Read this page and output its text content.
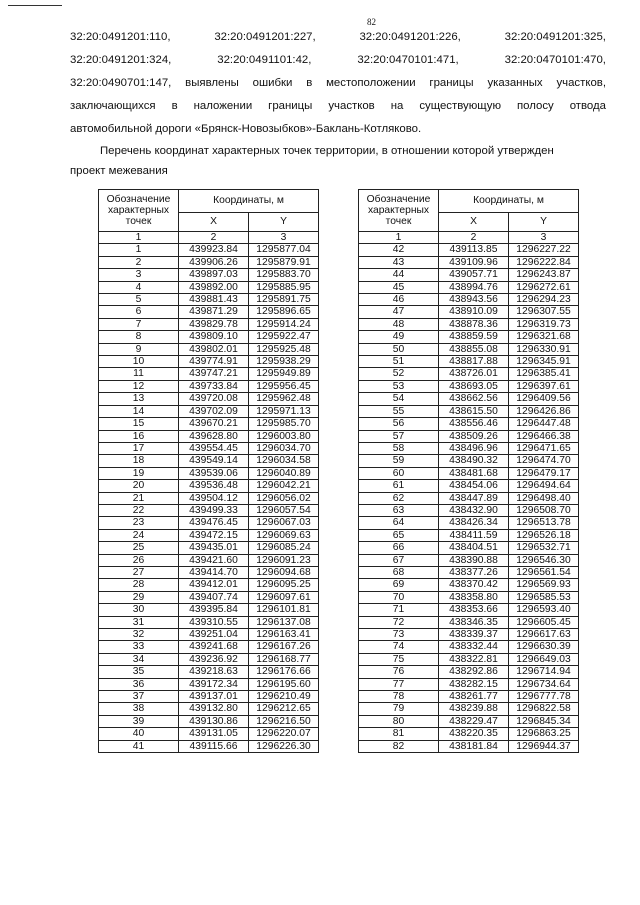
82
32:20:0491201:110,	32:20:0491201:227,	32:20:0491201:226,	32:20:0491201:325,
32:20:0491201:324,	32:20:0491101:42,	32:20:0470101:471,	32:20:0470101:470,
32:20:0490701:147, выявлены ошибки в местоположении границы указанных участков,
заключающихся в наложении границы участков на существующую полосу отвода
автомобильной дороги «Брянск-Новозыбков»-Баклань-Котляково.
Перечень координат характерных точек территории, в отношении которой утвержден
проект межевания
Обозначение характерных точек	Координаты, м	
	X	Y
1	2	3
1	439923.84	1295877.04
2	439906.26	1295879.91
3	439897.03	1295883.70
4	439892.00	1295885.95
5	439881.43	1295891.75
6	439871.29	1295896.65
7	439829.78	1295914.24
8	439809.10	1295922.47
9	439802.01	1295925.48
10	439774.91	1295938.29
11	439747.21	1295949.89
12	439733.84	1295956.45
13	439720.08	1295962.48
14	439702.09	1295971.13
15	439670.21	1295985.70
16	439628.80	1296003.80
17	439554.45	1296034.70
18	439549.14	1296034.58
19	439539.06	1296040.89
20	439536.48	1296042.21
21	439504.12	1296056.02
22	439499.33	1296057.54
23	439476.45	1296067.03
24	439472.15	1296069.63
25	439435.01	1296085.24
26	439421.60	1296091.23
27	439414.70	1296094.68
28	439412.01	1296095.25
29	439407.74	1296097.61
30	439395.84	1296101.81
31	439310.55	1296137.08
32	439251.04	1296163.41
33	439241.68	1296167.26
34	439236.92	1296168.77
35	439218.63	1296176.66
36	439172.34	1296195.60
37	439137.01	1296210.49
38	439132.80	1296212.65
39	439130.86	1296216.50
40	439131.05	1296220.07
41	439115.66	1296226.30
Обозначение характерных точек	Координаты, м	
	X	Y
1	2	3
42	439113.85	1296227.22
43	439109.96	1296222.84
44	439057.71	1296243.87
45	438994.76	1296272.61
46	438943.56	1296294.23
47	438910.09	1296307.55
48	438878.36	1296319.73
49	438859.59	1296321.68
50	438855.08	1296330.91
51	438817.88	1296345.91
52	438726.01	1296385.41
53	438693.05	1296397.61
54	438662.56	1296409.56
55	438615.50	1296426.86
56	438556.46	1296447.48
57	438509.26	1296466.38
58	438496.96	1296471.65
59	438490.32	1296474.70
60	438481.68	1296479.17
61	438454.06	1296494.64
62	438447.89	1296498.40
63	438432.90	1296508.70
64	438426.34	1296513.78
65	438411.59	1296526.18
66	438404.51	1296532.71
67	438390.88	1296546.30
68	438377.26	1296561.54
69	438370.42	1296569.93
70	438358.80	1296585.53
71	438353.66	1296593.40
72	438346.35	1296605.45
73	438339.37	1296617.63
74	438332.44	1296630.39
75	438322.81	1296649.03
76	438292.86	1296714.94
77	438282.15	1296734.64
78	438261.77	1296777.78
79	438239.88	1296822.58
80	438229.47	1296845.34
81	438220.35	1296863.25
82	438181.84	1296944.37
